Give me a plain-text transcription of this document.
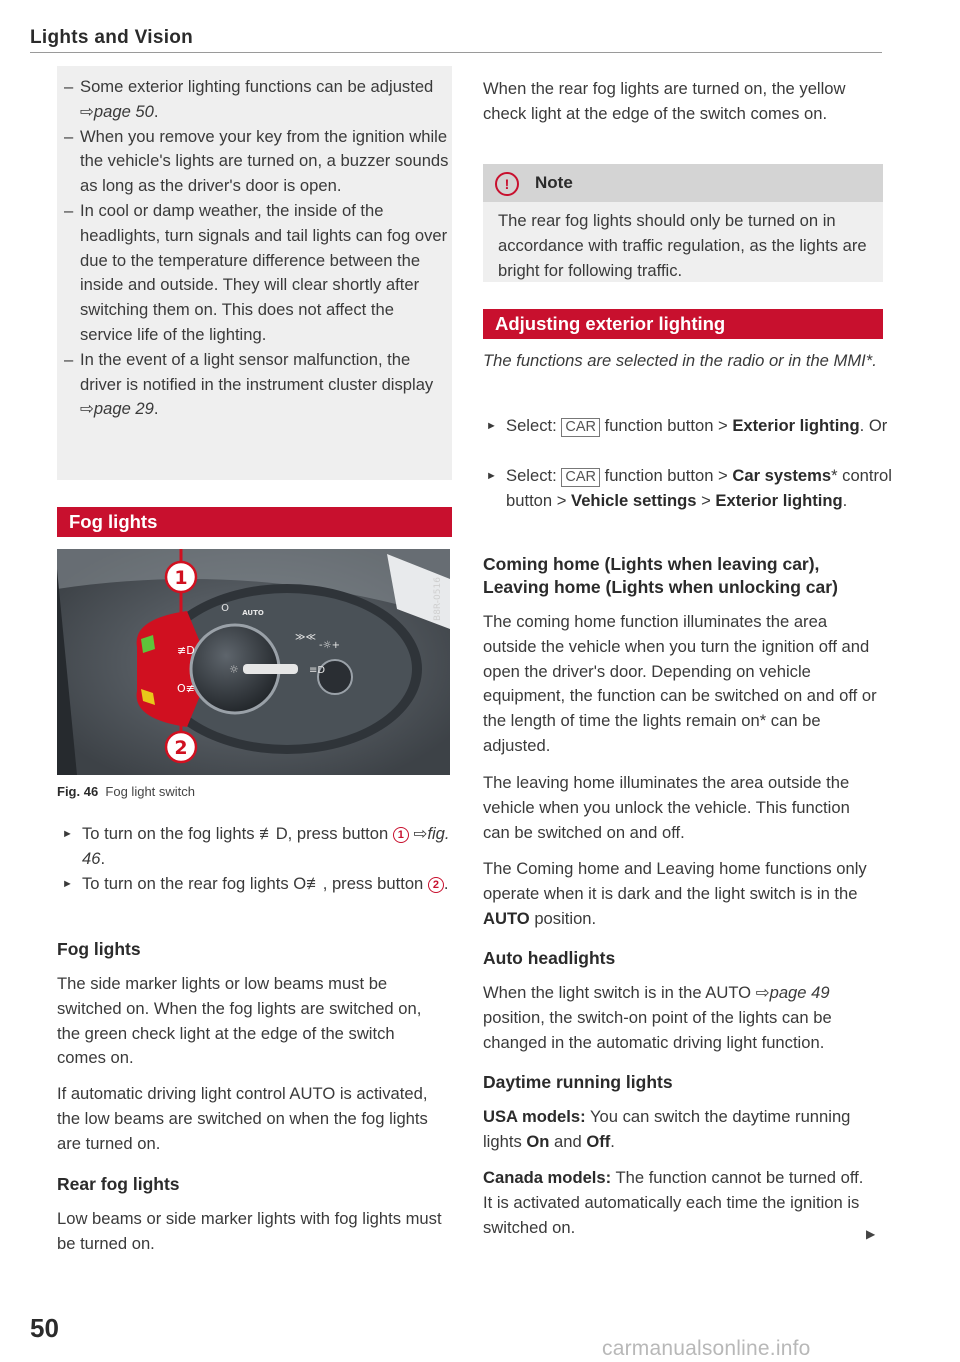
Lights and Vision
– Some exterior lighting functions can be adjusted ⇨page 50.
– When you remove your key from the ignition while the vehicle's lights are turned on, a buzzer sounds as long as the driver's door is open.
– In cool or damp weather, the inside of the headlights, turn signals and tail lights can fog over due to the temperature difference between the inside and outside. They will clear shortly after switching them on. This does not affect the service life of the lighting.
– In the event of a light sensor malfunction, the driver is notified in the instrument cluster display ⇨page 29.
Fog lights
1
2
O AUTO
≢D
O≢
☼	≡D
≫≪
-☼+
B8R-0516
Fig. 46 Fog light switch
► To turn on the fog lights ≢D, press button 1 ⇨fig. 46.
► To turn on the rear fog lights O≢, press button 2 .
Fog lights
The side marker lights or low beams must be switched on. When the fog lights are switched on, the green check light at the edge of the switch comes on.
If automatic driving light control AUTO is activated, the low beams are switched on when the fog lights are turned on.
Rear fog lights
Low beams or side marker lights with fog lights must be turned on.
When the rear fog lights are turned on, the yellow check light at the edge of the switch comes on.
!	Note
The rear fog lights should only be turned on in accordance with traffic regulation, as the lights are bright for following traffic.
Adjusting exterior lighting
The functions are selected in the radio or in the MMI*.
► Select: CAR function button > Exterior lighting. Or
► Select: CAR function button > Car systems* control button > Vehicle settings > Exterior lighting.
Coming home (Lights when leaving car), Leaving home (Lights when unlocking car)
The coming home function illuminates the area outside the vehicle when you turn the ignition off and open the driver's door. Depending on vehicle equipment, the function can be switched on and off or the length of time the lights remain on* can be adjusted.
The leaving home illuminates the area outside the vehicle when you unlock the vehicle. This function can be switched on and off.
The Coming home and Leaving home functions only operate when it is dark and the light switch is in the AUTO position.
Auto headlights
When the light switch is in the AUTO ⇨page 49 position, the switch-on point of the lights can be changed in the automatic driving light function.
Daytime running lights
USA models: You can switch the daytime running lights On and Off.
Canada models: The function cannot be turned off. It is activated automatically each time the ignition is switched on.	▶
50
carmanualsonline.info
